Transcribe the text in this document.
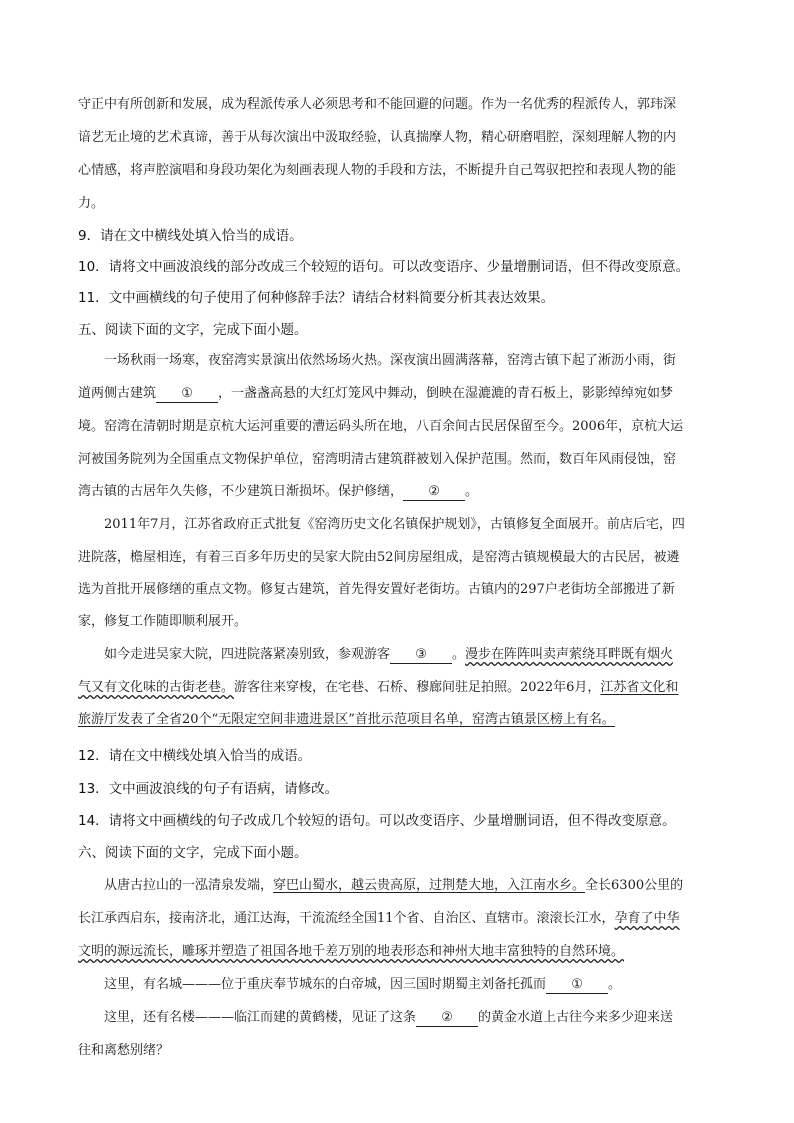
守正中有所创新和发展，成为程派传承人必须思考和不能回避的问题。作为一名优秀的程派传人，郭玮深
谙艺无止境的艺术真谛，善于从每次演出中汲取经验，认真揣摩人物，精心研磨唱腔，深刻理解人物的内
心情感，将声腔演唱和身段功架化为刻画表现人物的手段和方法，不断提升自己驾驭把控和表现人物的能
力。
9．请在文中横线处填入恰当的成语。
10．请将文中画波浪线的部分改成三个较短的语句。可以改变语序、少量增删词语，但不得改变原意。
11．文中画横线的句子使用了何种修辞手法？请结合材料简要分析其表达效果。
五、阅读下面的文字，完成下面小题。
一场秋雨一场寒，夜窑湾实景演出依然场场火热。深夜演出圆满落幕，窑湾古镇下起了淅沥小雨，街
道两侧古建筑 ① ，一盏盏高悬的大红灯笼风中舞动，倒映在湿漉漉的青石板上，影影绰绰宛如梦
境。窑湾在清朝时期是京杭大运河重要的漕运码头所在地，八百余间古民居保留至今。2006年，京杭大运
河被国务院列为全国重点文物保护单位，窑湾明清古建筑群被划入保护范围。然而，数百年风雨侵蚀，窑
湾古镇的古居年久失修，不少建筑日渐损坏。保护修缮， ② 。
2011年7月，江苏省政府正式批复《窑湾历史文化名镇保护规划》，古镇修复全面展开。前店后宅，四
进院落，檐屋相连，有着三百多年历史的吴家大院由52间房屋组成，是窑湾古镇规模最大的古民居，被遴
选为首批开展修缮的重点文物。修复古建筑，首先得安置好老街坊。古镇内的297户老街坊全部搬进了新
家，修复工作随即顺利展开。
如今走进吴家大院，四进院落紧凑别致，参观游客 ③ 。漫步在阵阵叫卖声萦绕耳畔既有烟火
气又有文化味的古街老巷。游客往来穿梭，在宅巷、石桥、穆廊间驻足拍照。2022年6月，江苏省文化和
旅游厅发表了全省20个“无限定空间非遗进景区”首批示范项目名单，窑湾古镇景区榜上有名。
12．请在文中横线处填入恰当的成语。
13．文中画波浪线的句子有语病，请修改。
14．请将文中画横线的句子改成几个较短的语句。可以改变语序、少量增删词语，但不得改变原意。
六、阅读下面的文字，完成下面小题。
从唐古拉山的一泓清泉发端，穿巴山蜀水，越云贵高原，过荆楚大地，入江南水乡。全长6300公里的
长江承西启东，接南济北，通江达海，干流流经全国11个省、自治区、直辖市。滚滚长江水，孕育了中华
文明的源远流长，雕琢并塑造了祖国各地千差万别的地表形态和神州大地丰富独特的自然环境。
这里，有名城———位于重庆奉节城东的白帝城，因三国时期蜀主刘备托孤而 ① 。
这里，还有名楼———临江而建的黄鹤楼，见证了这条 ② 的黄金水道上古往今来多少迎来送
往和离愁别绪？
